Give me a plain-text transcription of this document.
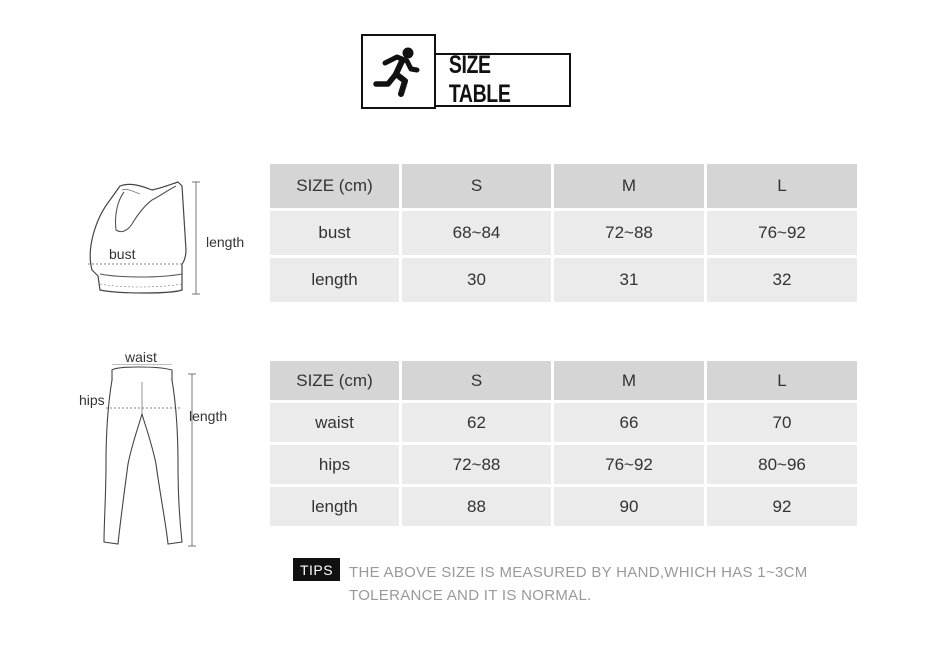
SIZE TABLE
bust
length
waist
hips
length
SIZE (cm)	S	M	L
bust	68~84	72~88	76~92
length	30	31	32
SIZE (cm)	S	M	L
waist	62	66	70
hips	72~88	76~92	80~96
length	88	90	92
TIPS	THE ABOVE SIZE IS MEASURED BY HAND,WHICH HAS 1~3CM
TOLERANCE AND IT IS NORMAL.
